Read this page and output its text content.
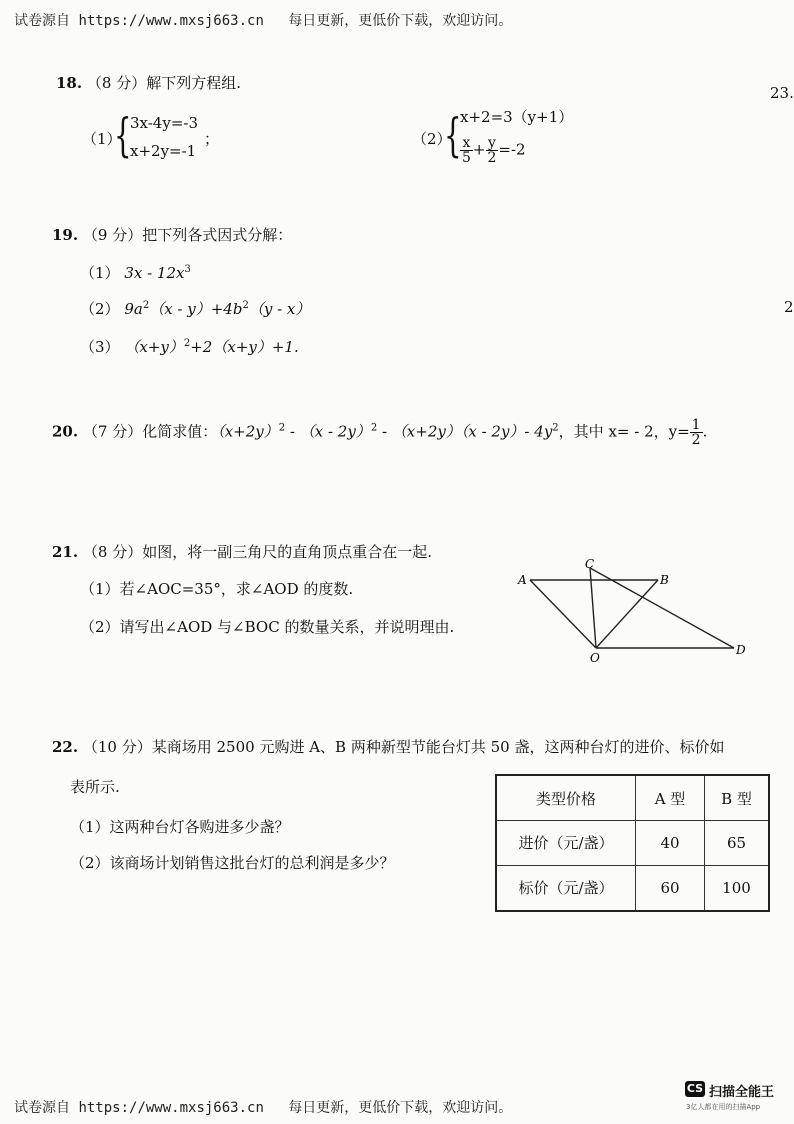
试卷源自 https://www.mxsj663.cn 每日更新，更低价下载，欢迎访问。
23.
2
18. （8 分）解下列方程组.
（1）
{
3x-4y=-3
x+2y=-1
；	（2）
{
x+2=3（y+1）
$\frac{x}{5} + \frac{y}{2} =-2$
19. （9 分）把下列各式因式分解：
（1） $3x - 12x^3$
（2） $9a^2(x - y)+4b^2(y - x)$
（3） $(x+y)^2+2(x+y)+1$.
20. （7 分）化简求值：$(x+2y)^2 - (x - 2y)^2 - (x+2y)(x - 2y)-$ $4y^2$，其中 x= - 2，$y= \frac{1}{2}$ .
21. （8 分）如图，将一副三角尺的直角顶点重合在一起.
（1）若∠AOC=35°，求∠AOD 的度数.
（2）请写出∠AOD 与∠BOC 的数量关系，并说明理由.
A	B
C
D
O
22. （10 分）某商场用 2500 元购进 A、B 两种新型节能台灯共 50 盏，这两种台灯的进价、标价如
表所示.
（1）这两种台灯各购进多少盏？
（2）该商场计划销售这批台灯的总利润是多少？
类型价格	A 型	B 型
进价（元/盏）	40	65
标价（元/盏）	60	100
试卷源自 https://www.mxsj663.cn 每日更新，更低价下载，欢迎访问。
CS 扫描全能王
3亿人都在用的扫描App
